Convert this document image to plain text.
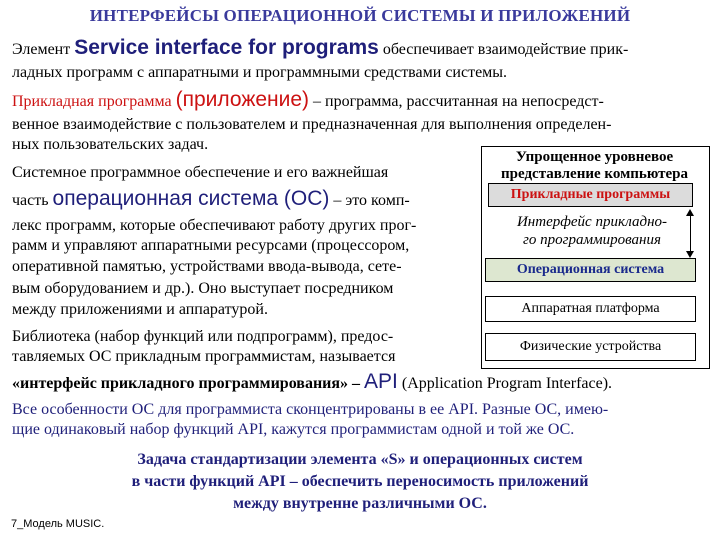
ИНТЕРФЕЙСЫ ОПЕРАЦИОННОЙ СИСТЕМЫ И ПРИЛОЖЕНИЙ
Элемент Service interface for programs обеспечивает взаимодействие прик-
ладных программ с аппаратными и программными средствами системы.
Прикладная программа (приложение) – программа, рассчитанная на непосредст-
венное взаимодействие с пользователем и предназначенная для выполнения определен-
ных пользовательских задач.
Системное программное обеспечение и его важнейшая
часть операционная система (ОС) – это комп-
лекс программ, которые обеспечивают работу других прог-
рамм и управляют аппаратными ресурсами (процессором,
оперативной памятью, устройствами ввода-вывода, сете-
вым оборудованием и др.). Оно выступает посредником
между приложениями и аппаратурой.
Библиотека (набор функций или подпрограмм), предос-
тавляемых ОС прикладным программистам, называется
«интерфейс прикладного программирования» – API (Application Program Interface).
Все особенности ОС для программиста сконцентрированы в ее API. Разные ОС, имею-
щие одинаковый набор функций API, кажутся программистам одной и той же ОС.
Упрощенное уровневое
представление компьютера
Прикладные программы
Интерфейс прикладно-
го программирования
Операционная система
Аппаратная платформа
Физические устройства
Задача стандартизации элемента «S» и операционных систем
в части функций API – обеспечить переносимость приложений
между внутренне различными ОС.
7_Модель MUSIC.
